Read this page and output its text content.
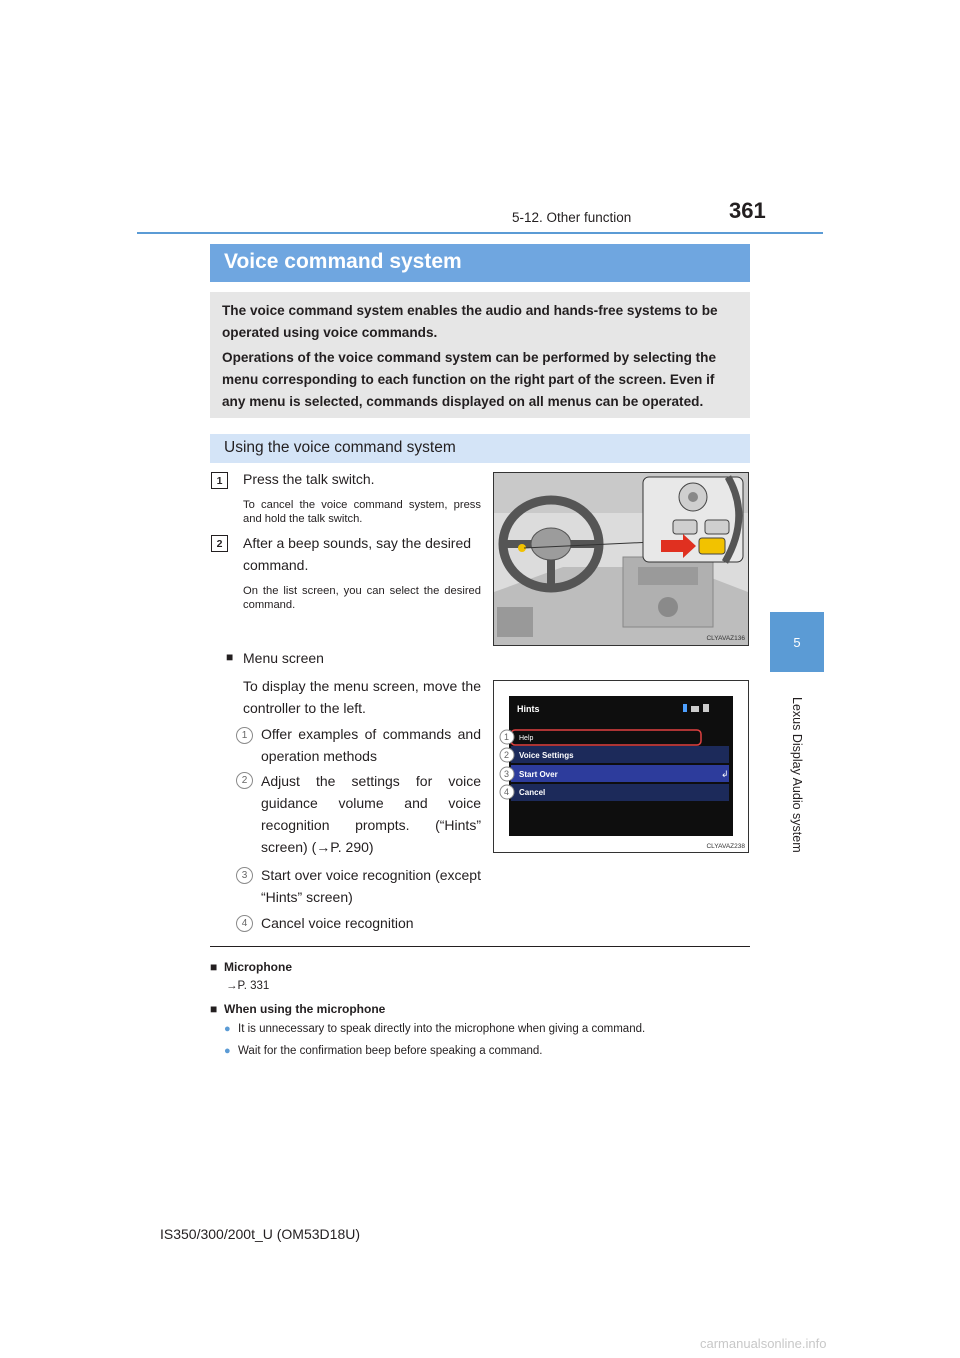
5-12. Other function	361
5
Lexus Display Audio system
Voice command system

The voice command system enables the audio and hands-free systems to be operated using voice commands.

Operations of the voice command system can be performed by selecting the menu corresponding to each function on the right part of the screen. Even if any menu is selected, commands displayed on all menus can be operated.

Using the voice command system
1	Press the talk switch.
To cancel the voice command system, press and hold the talk switch.
2	After a beep sounds, say the desired command.
On the list screen, you can select the desired command.
CLYAVAZ136
■ Menu screen
To display the menu screen, move the controller to the left.
1 Offer examples of commands and operation methods
2 Adjust the settings for voice guidance volume and voice recognition prompts. (“Hints” screen) (→P. 290)
3 Start over voice recognition (except “Hints” screen)
4 Cancel voice recognition
Hints
Help
Voice Settings
Start Over	↲
Cancel
1
2
3
4
CLYAVAZ238
■ Microphone
→P. 331
■ When using the microphone
● It is unnecessary to speak directly into the microphone when giving a command.
● Wait for the confirmation beep before speaking a command.
IS350/300/200t_U (OM53D18U)
carmanualsonline.info
